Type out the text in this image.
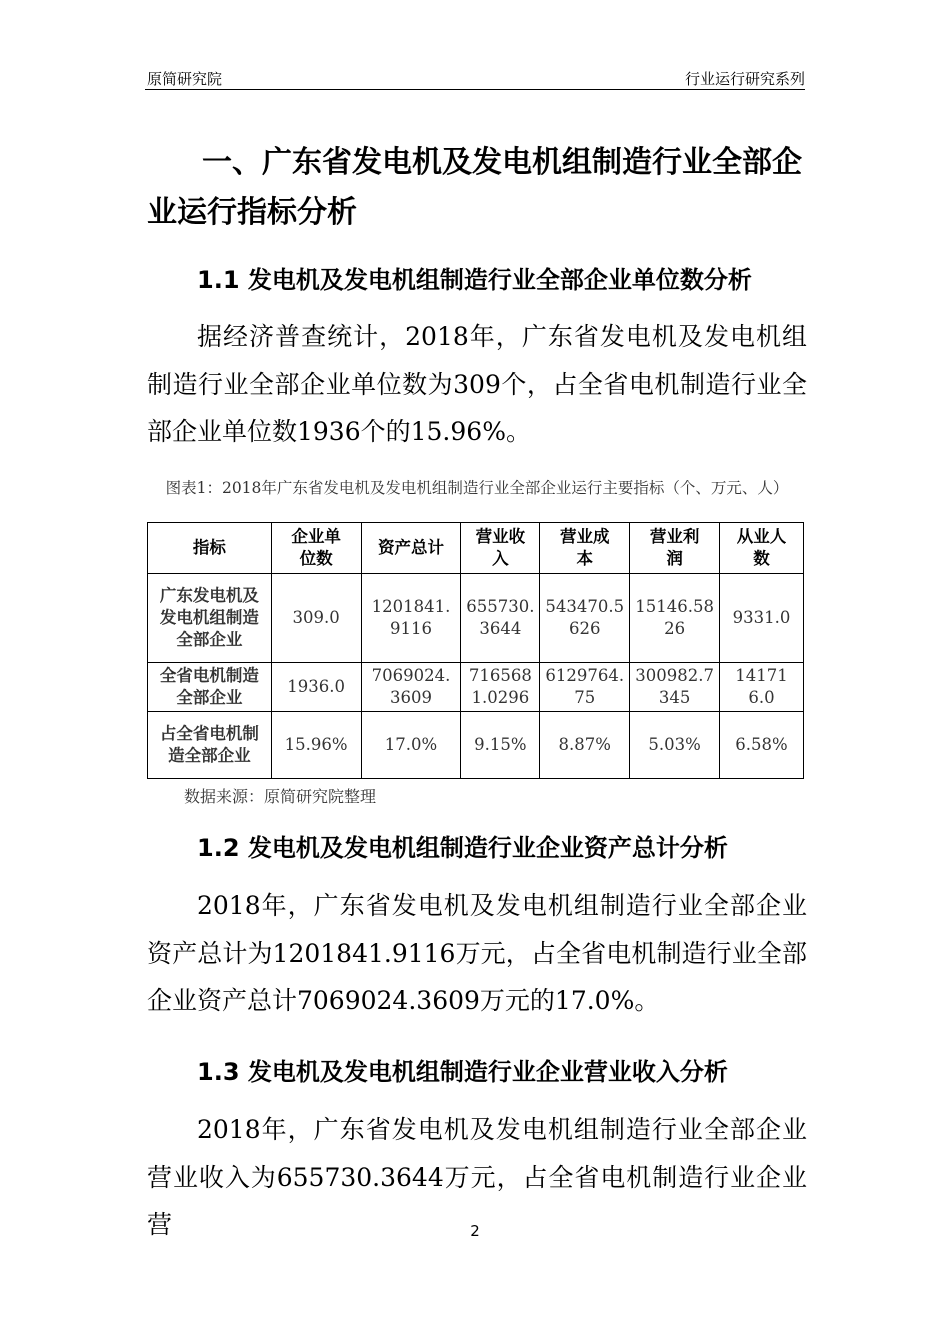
原简研究院	行业运行研究系列
一、广东省发电机及发电机组制造行业全部企业运行指标分析
1.1 发电机及发电机组制造行业全部企业单位数分析
据经济普查统计，2018年，广东省发电机及发电机组制造行业全部企业单位数为309个，占全省电机制造行业全部企业单位数1936个的15.96%。
图表1：2018年广东省发电机及发电机组制造行业全部企业运行主要指标（个、万元、人）
指标	企业单位数	资产总计	营业收入	营业成本	营业利润	从业人数
广东发电机及发电机组制造全部企业	309.0	1201841.9116	655730.3644	543470.5626	15146.5826	9331.0
全省电机制造全部企业	1936.0	7069024.3609	7165681.0296	6129764.75	300982.7345	141716.0
占全省电机制造全部企业	15.96%	17.0%	9.15%	8.87%	5.03%	6.58%
数据来源：原简研究院整理
1.2 发电机及发电机组制造行业企业资产总计分析
2018年，广东省发电机及发电机组制造行业全部企业资产总计为1201841.9116万元，占全省电机制造行业全部企业资产总计7069024.3609万元的17.0%。
1.3 发电机及发电机组制造行业企业营业收入分析
2018年，广东省发电机及发电机组制造行业全部企业营业收入为655730.3644万元，占全省电机制造行业企业营	2
